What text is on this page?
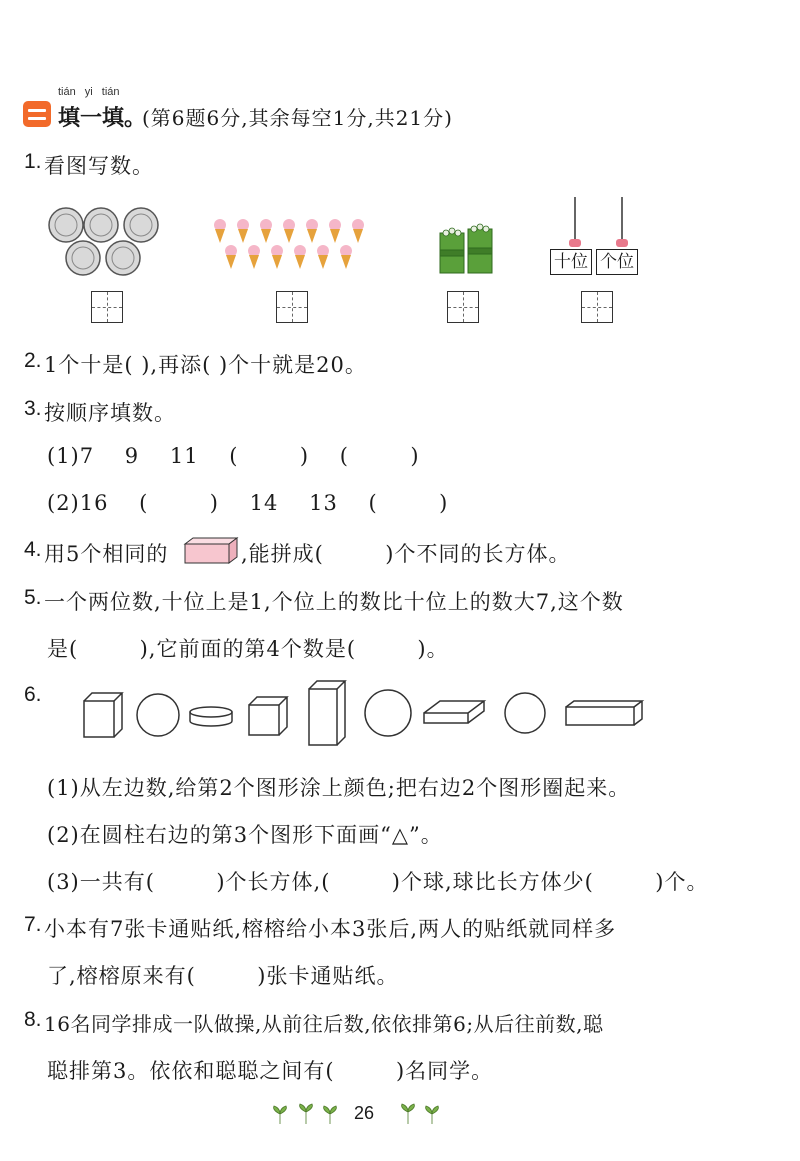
tián yi tián
填一填。
(第6题6分,其余每空1分,共21分)
1. 看图写数。
十位 个位
2. 1个十是( ),再添( )个十就是20。
3. 按顺序填数。
(1)7    9    11    (        )    (        )
(2)16    (        )    14    13    (        )
4. 用5个相同的	,能拼成(        )个不同的长方体。
5. 一个两位数,十位上是1,个位上的数比十位上的数大7,这个数
是(        ),它前面的第4个数是(        )。
6.
(1)从左边数,给第2个图形涂上颜色;把右边2个图形圈起来。
(2)在圆柱右边的第3个图形下面画“△”。
(3)一共有(        )个长方体,(        )个球,球比长方体少(        )个。
7. 小本有7张卡通贴纸,榕榕给小本3张后,两人的贴纸就同样多
了,榕榕原来有(        )张卡通贴纸。
8. 16名同学排成一队做操,从前往后数,依依排第6;从后往前数,聪
聪排第3。依依和聪聪之间有(        )名同学。
26
